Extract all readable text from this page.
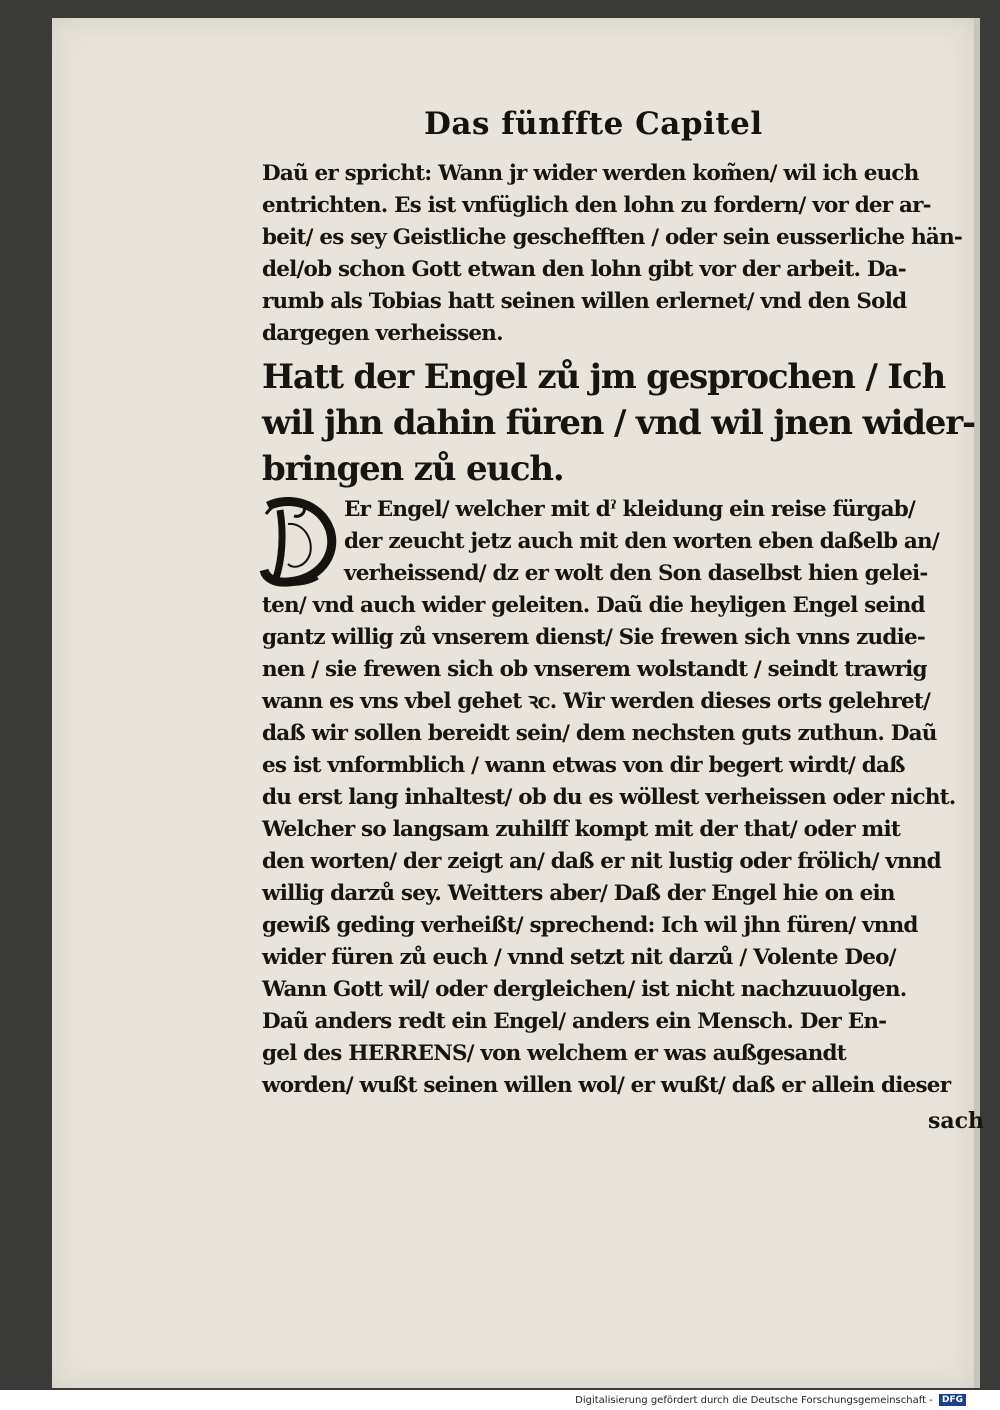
Das fünffte Capitel
Daũ er spricht: Wann jr wider werden kom̃en/ wil ich euch
entrichten. Es ist vnfüglich den lohn zu fordern/ vor der ar-
beit/ es sey Geistliche geschefften / oder sein eusserliche hän-
del/ob schon Gott etwan den lohn gibt vor der arbeit. Da-
rumb als Tobias hatt seinen willen erlernet/ vnd den Sold
dargegen verheissen.
Hatt der Engel zů jm gesprochen / Ich
wil jhn dahin füren / vnd wil jnen wider-
bringen zů euch.
Er Engel/ welcher mit dˀ kleidung ein reise fürgab/
der zeucht jetz auch mit den worten eben daßelb an/
verheissend/ dz er wolt den Son daselbst hien gelei-
ten/ vnd auch wider geleiten. Daũ die heyligen Engel seind
gantz willig zů vnserem dienst/ Sie frewen sich vnns zudie-
nen / sie frewen sich ob vnserem wolstandt / seindt trawrig
wann es vns vbel gehet ꝛc. Wir werden dieses orts gelehret/
daß wir sollen bereidt sein/ dem nechsten guts zuthun. Daũ
es ist vnformblich / wann etwas von dir begert wirdt/ daß
du erst lang inhaltest/ ob du es wöllest verheissen oder nicht.
Welcher so langsam zuhilff kompt mit der that/ oder mit
den worten/ der zeigt an/ daß er nit lustig oder frölich/ vnnd
willig darzů sey. Weitters aber/ Daß der Engel hie on ein
gewiß geding verheißt/ sprechend: Ich wil jhn füren/ vnnd
wider füren zů euch / vnnd setzt nit darzů / Volente Deo/
Wann Gott wil/ oder dergleichen/ ist nicht nachzuuolgen.
Daũ anders redt ein Engel/ anders ein Mensch. Der En-
gel des HERRENS/ von welchem er was außgesandt
worden/ wußt seinen willen wol/ er wußt/ daß er allein dieser
sach
Digitalisierung gefördert durch die Deutsche Forschungsgemeinschaft - DFG
